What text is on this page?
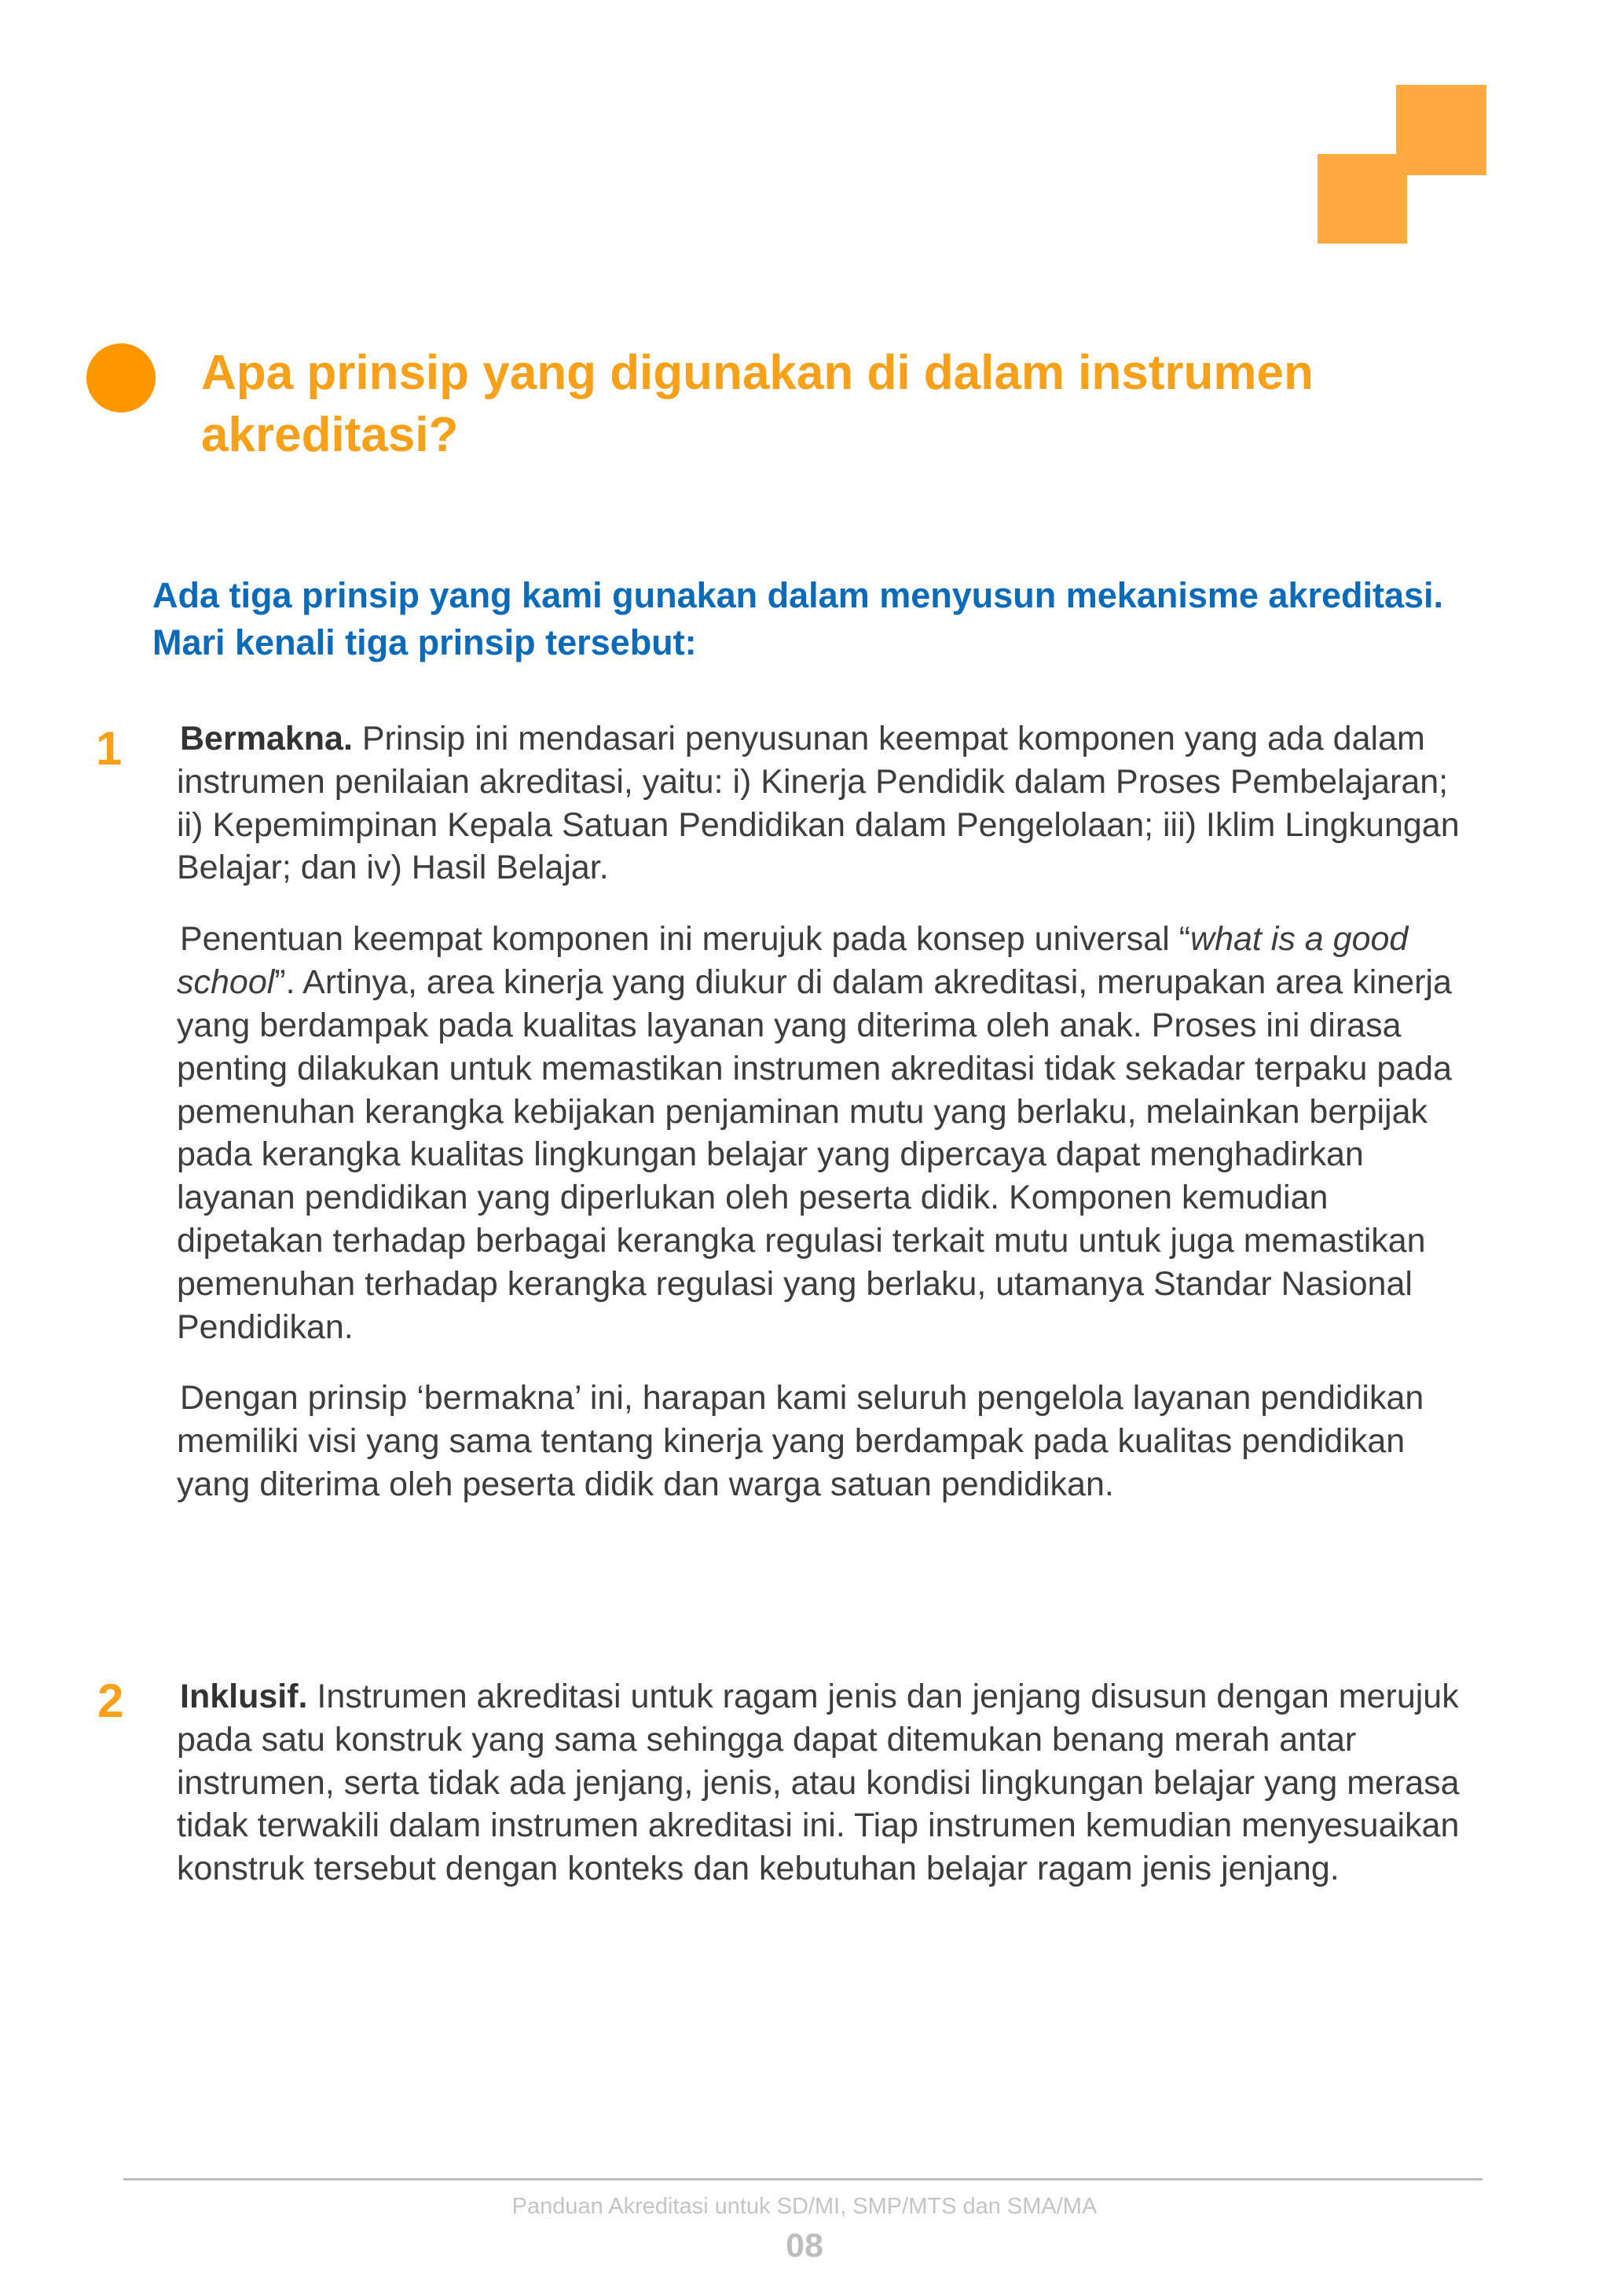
Apa prinsip yang digunakan di dalam instrumen akreditasi?

Ada tiga prinsip yang kami gunakan dalam menyusun mekanisme akreditasi. Mari kenali tiga prinsip tersebut:

1 Bermakna. Prinsip ini mendasari penyusunan keempat komponen yang ada dalam instrumen penilaian akreditasi, yaitu: i) Kinerja Pendidik dalam Proses Pembelajaran; ii) Kepemimpinan Kepala Satuan Pendidikan dalam Pengelolaan; iii) Iklim Lingkungan Belajar; dan iv) Hasil Belajar.

Penentuan keempat komponen ini merujuk pada konsep universal “what is a good school”. Artinya, area kinerja yang diukur di dalam akreditasi, merupakan area kinerja yang berdampak pada kualitas layanan yang diterima oleh anak. Proses ini dirasa penting dilakukan untuk memastikan instrumen akreditasi tidak sekadar terpaku pada pemenuhan kerangka kebijakan penjaminan mutu yang berlaku, melainkan berpijak pada kerangka kualitas lingkungan belajar yang dipercaya dapat menghadirkan layanan pendidikan yang diperlukan oleh peserta didik. Komponen kemudian dipetakan terhadap berbagai kerangka regulasi terkait mutu untuk juga memastikan pemenuhan terhadap kerangka regulasi yang berlaku, utamanya Standar Nasional Pendidikan.

Dengan prinsip ‘bermakna’ ini, harapan kami seluruh pengelola layanan pendidikan memiliki visi yang sama tentang kinerja yang berdampak pada kualitas pendidikan yang diterima oleh peserta didik dan warga satuan pendidikan.

2 Inklusif. Instrumen akreditasi untuk ragam jenis dan jenjang disusun dengan merujuk pada satu konstruk yang sama sehingga dapat ditemukan benang merah antar instrumen, serta tidak ada jenjang, jenis, atau kondisi lingkungan belajar yang merasa tidak terwakili dalam instrumen akreditasi ini. Tiap instrumen kemudian menyesuaikan konstruk tersebut dengan konteks dan kebutuhan belajar ragam jenis jenjang.

Panduan Akreditasi untuk SD/MI, SMP/MTS dan SMA/MA

08
